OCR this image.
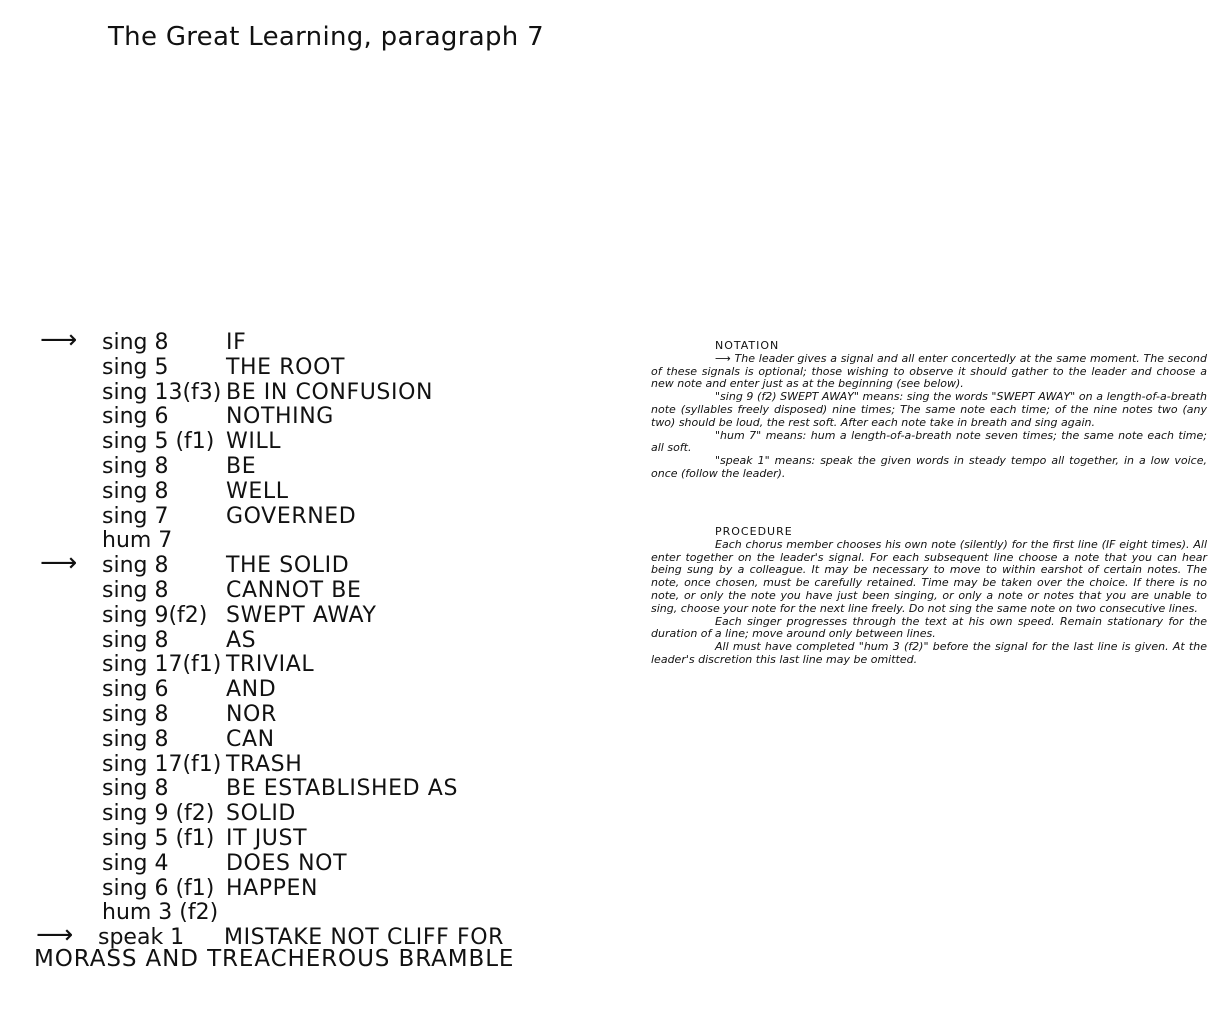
The Great Learning, paragraph 7
⟶ sing 8	IF
sing 5	THE ROOT
sing 13(f3) BE IN CONFUSION
sing 6	NOTHING
sing 5 (f1) WILL
sing 8	BE
sing 8	WELL
sing 7	GOVERNED
hum 7
⟶ sing 8	THE SOLID
sing 8	CANNOT BE
sing 9(f2) SWEPT AWAY
sing 8	AS
sing 17(f1) TRIVIAL
sing 6	AND
sing 8	NOR
sing 8	CAN
sing 17(f1) TRASH
sing 8	BE ESTABLISHED AS
sing 9 (f2) SOLID
sing 5 (f1) IT JUST
sing 4	DOES NOT
sing 6 (f1) HAPPEN
hum 3 (f2)
⟶ speak 1 MISTAKE NOT CLIFF FOR
MORASS AND TREACHEROUS BRAMBLE
NOTATION

⟶ The leader gives a signal and all enter concertedly at the same moment. The second of these signals is optional; those wishing to observe it should gather to the leader and choose a new note and enter just as at the beginning (see below).

"sing 9 (f2) SWEPT AWAY" means: sing the words "SWEPT AWAY" on a length-of-a-breath note (syllables freely disposed) nine times; The same note each time; of the nine notes two (any two) should be loud, the rest soft. After each note take in breath and sing again.

"hum 7" means: hum a length-of-a-breath note seven times; the same note each time; all soft.

"speak 1" means: speak the given words in steady tempo all together, in a low voice, once (follow the leader).

PROCEDURE

Each chorus member chooses his own note (silently) for the first line (IF eight times). All enter together on the leader's signal. For each subsequent line choose a note that you can hear being sung by a colleague. It may be necessary to move to within earshot of certain notes. The note, once chosen, must be carefully retained. Time may be taken over the choice. If there is no note, or only the note you have just been singing, or only a note or notes that you are unable to sing, choose your note for the next line freely. Do not sing the same note on two consecutive lines.

Each singer progresses through the text at his own speed. Remain stationary for the duration of a line; move around only between lines.

All must have completed "hum 3 (f2)" before the signal for the last line is given. At the leader's discretion this last line may be omitted.
